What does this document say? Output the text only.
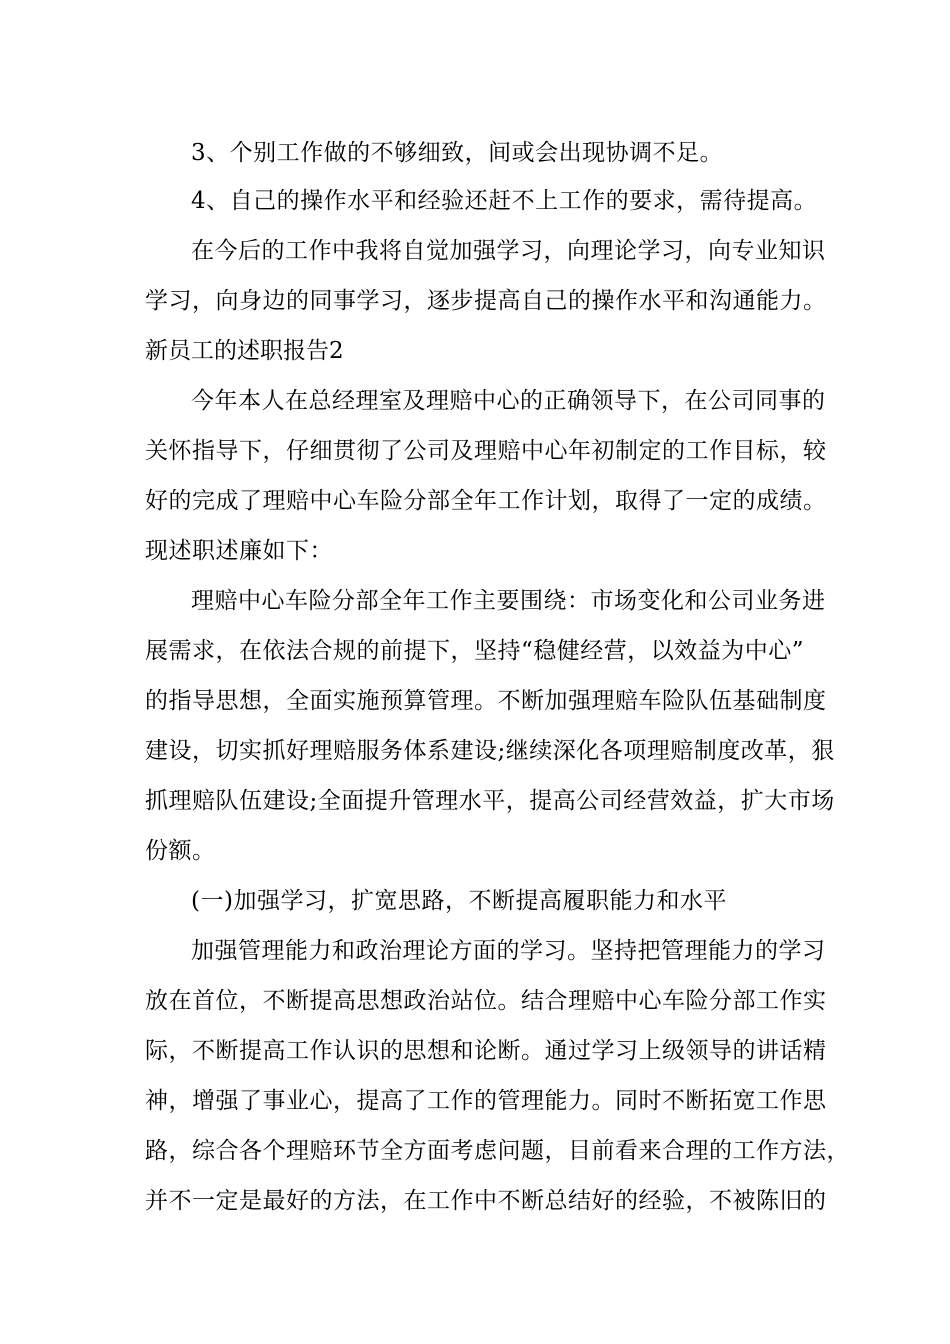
3、个别工作做的不够细致，间或会出现协调不足。
4、自己的操作水平和经验还赶不上工作的要求，需待提高。
在今后的工作中我将自觉加强学习，向理论学习，向专业知识
学习，向身边的同事学习，逐步提高自己的操作水平和沟通能力。
新员工的述职报告2
今年本人在总经理室及理赔中心的正确领导下，在公司同事的
关怀指导下，仔细贯彻了公司及理赔中心年初制定的工作目标，较
好的完成了理赔中心车险分部全年工作计划，取得了一定的成绩。
现述职述廉如下：
理赔中心车险分部全年工作主要围绕：市场变化和公司业务进
展需求，在依法合规的前提下，坚持“稳健经营，以效益为中心”
的指导思想，全面实施预算管理。不断加强理赔车险队伍基础制度
建设，切实抓好理赔服务体系建设;继续深化各项理赔制度改革，狠
抓理赔队伍建设;全面提升管理水平，提高公司经营效益，扩大市场
份额。
(一)加强学习，扩宽思路，不断提高履职能力和水平
加强管理能力和政治理论方面的学习。坚持把管理能力的学习
放在首位，不断提高思想政治站位。结合理赔中心车险分部工作实
际，不断提高工作认识的思想和论断。通过学习上级领导的讲话精
神，增强了事业心，提高了工作的管理能力。同时不断拓宽工作思
路，综合各个理赔环节全方面考虑问题，目前看来合理的工作方法，
并不一定是最好的方法，在工作中不断总结好的经验，不被陈旧的
